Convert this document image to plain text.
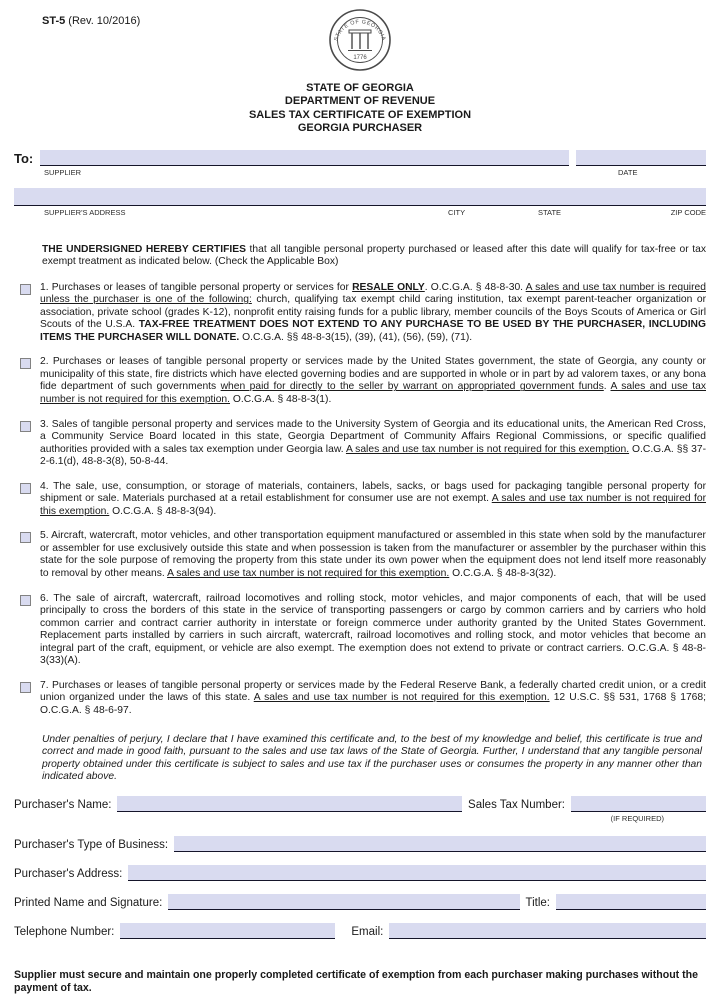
ST-5 (Rev. 10/2016)
STATE OF GEORGIA
1776
STATE OF GEORGIA
DEPARTMENT OF REVENUE
SALES TAX CERTIFICATE OF EXEMPTION
GEORGIA PURCHASER
To:
SUPPLIER	DATE
SUPPLIER'S ADDRESS	CITY	STATE	ZIP CODE

THE UNDERSIGNED HEREBY CERTIFIES that all tangible personal property purchased or leased after this date will qualify for tax-free or tax exempt treatment as indicated below. (Check the Applicable Box)

1. Purchases or leases of tangible personal property or services for RESALE ONLY. O.C.G.A. § 48-8-30. A sales and use tax number is required unless the purchaser is one of the following: church, qualifying tax exempt child caring institution, tax exempt parent-teacher organization or association, private school (grades K-12), nonprofit entity raising funds for a public library, member councils of the Boys Scouts of America or Girl Scouts of the U.S.A. TAX-FREE TREATMENT DOES NOT EXTEND TO ANY PURCHASE TO BE USED BY THE PURCHASER, INCLUDING ITEMS THE PURCHASER WILL DONATE. O.C.G.A. §§ 48-8-3(15), (39), (41), (56), (59), (71).
2. Purchases or leases of tangible personal property or services made by the United States government, the state of Georgia, any county or municipality of this state, fire districts which have elected governing bodies and are supported in whole or in part by ad valorem taxes, or any bona fide department of such governments when paid for directly to the seller by warrant on appropriated government funds. A sales and use tax number is not required for this exemption. O.C.G.A. § 48-8-3(1).
3. Sales of tangible personal property and services made to the University System of Georgia and its educational units, the American Red Cross, a Community Service Board located in this state, Georgia Department of Community Affairs Regional Commissions, or specific qualified authorities provided with a sales tax exemption under Georgia law. A sales and use tax number is not required for this exemption. O.C.G.A. §§ 37-2-6.1(d), 48-8-3(8), 50-8-44.
4. The sale, use, consumption, or storage of materials, containers, labels, sacks, or bags used for packaging tangible personal property for shipment or sale. Materials purchased at a retail establishment for consumer use are not exempt. A sales and use tax number is not required for this exemption. O.C.G.A. § 48-8-3(94).
5. Aircraft, watercraft, motor vehicles, and other transportation equipment manufactured or assembled in this state when sold by the manufacturer or assembler for use exclusively outside this state and when possession is taken from the manufacturer or assembler by the purchaser within this state for the sole purpose of removing the property from this state under its own power when the equipment does not lend itself more reasonably to removal by other means. A sales and use tax number is not required for this exemption. O.C.G.A. § 48-8-3(32).
6. The sale of aircraft, watercraft, railroad locomotives and rolling stock, motor vehicles, and major components of each, that will be used principally to cross the borders of this state in the service of transporting passengers or cargo by common carriers and by carriers who hold common carrier and contract carrier authority in interstate or foreign commerce under authority granted by the United States Government. Replacement parts installed by carriers in such aircraft, watercraft, railroad locomotives and rolling stock, and motor vehicles that become an integral part of the craft, equipment, or vehicle are also exempt. The exemption does not extend to private or contract carriers. O.C.G.A. § 48-8-3(33)(A).
7. Purchases or leases of tangible personal property or services made by the Federal Reserve Bank, a federally charted credit union, or a credit union organized under the laws of this state. A sales and use tax number is not required for this exemption. 12 U.S.C. §§ 531, 1768 § 1768; O.C.G.A. § 48-6-97.

Under penalties of perjury, I declare that I have examined this certificate and, to the best of my knowledge and belief, this certificate is true and correct and made in good faith, pursuant to the sales and use tax laws of the State of Georgia. Further, I understand that any tangible personal property obtained under this certificate is subject to sales and use tax if the purchaser uses or consumes the property in any manner other than indicated above.

Purchaser's Name:	Sales Tax Number:
(IF REQUIRED)
Purchaser's Type of Business:
Purchaser's Address:
Printed Name and Signature:	Title:
Telephone Number:	Email:
Supplier must secure and maintain one properly completed certificate of exemption from each purchaser making purchases without the payment of tax.
